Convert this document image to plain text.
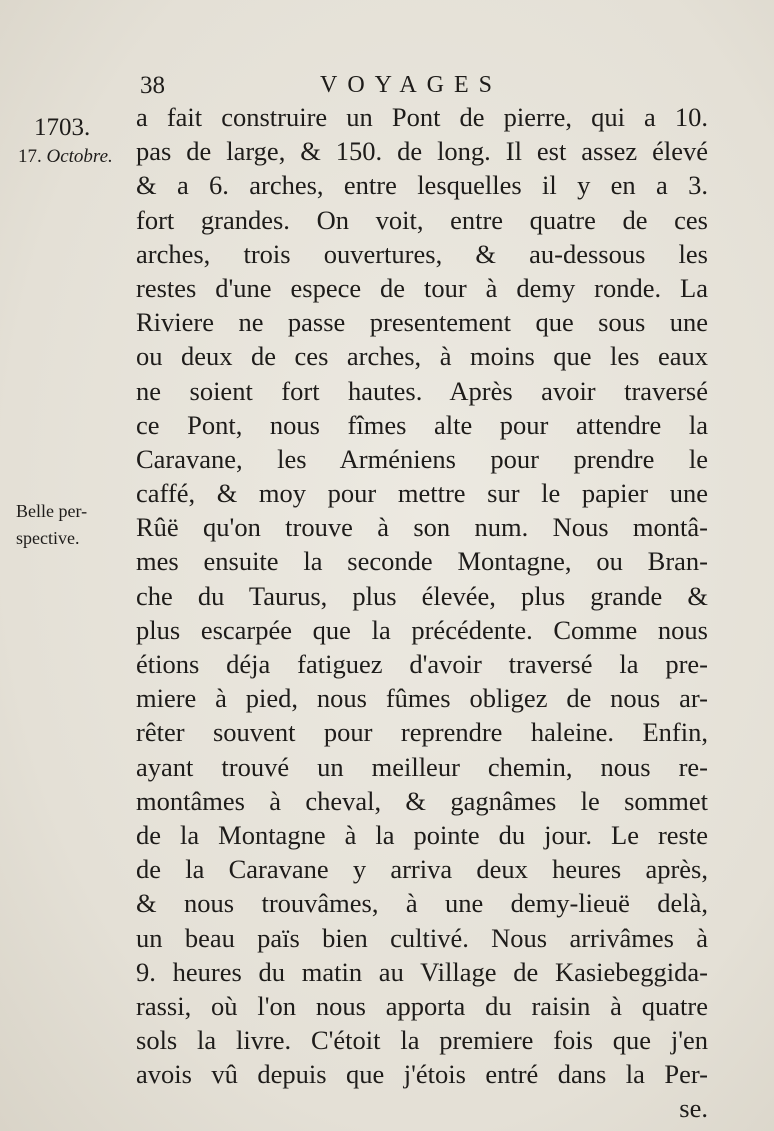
38	VOYAGES
1703.
17. Octobre.
Belle per-
spective.
a fait construire un Pont de pierre, qui a 10.
pas de large, & 150. de long. Il est assez élevé
& a 6. arches, entre lesquelles il y en a 3.
fort grandes. On voit, entre quatre de ces
arches, trois ouvertures, & au-dessous les
restes d'une espece de tour à demy ronde. La
Riviere ne passe presentement que sous une
ou deux de ces arches, à moins que les eaux
ne soient fort hautes. Après avoir traversé
ce Pont, nous fîmes alte pour attendre la
Caravane, les Arméniens pour prendre le
caffé, & moy pour mettre sur le papier une
Rûë qu'on trouve à son num. Nous montâ-
mes ensuite la seconde Montagne, ou Bran-
che du Taurus, plus élevée, plus grande &
plus escarpée que la précédente. Comme nous
étions déja fatiguez d'avoir traversé la pre-
miere à pied, nous fûmes obligez de nous ar-
rêter souvent pour reprendre haleine. Enfin,
ayant trouvé un meilleur chemin, nous re-
montâmes à cheval, & gagnâmes le sommet
de la Montagne à la pointe du jour. Le reste
de la Caravane y arriva deux heures après,
& nous trouvâmes, à une demy-lieuë delà,
un beau païs bien cultivé. Nous arrivâmes à
9. heures du matin au Village de Kasiebeggida-
rassi, où l'on nous apporta du raisin à quatre
sols la livre. C'étoit la premiere fois que j'en
avois vû depuis que j'étois entré dans la Per-
se.
